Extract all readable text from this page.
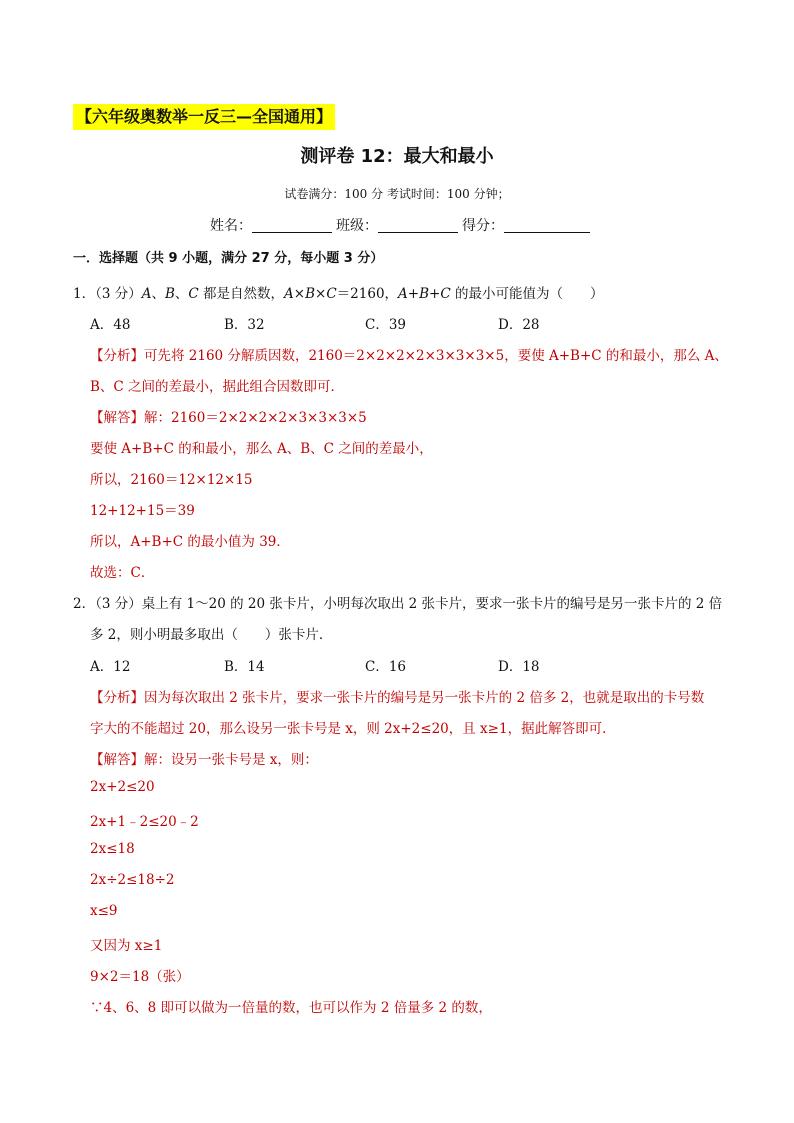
【六年级奥数举一反三—全国通用】
测评卷 12：最大和最小
试卷满分：100 分 考试时间：100 分钟；
姓名：	班级：	得分：
一．选择题（共 9 小题，满分 27 分，每小题 3 分）
1．（3 分）A、B、C 都是自然数，A×B×C＝2160，A+B+C 的最小可能值为（　　）
A．48	B．32	C．39	D．28
【分析】可先将 2160 分解质因数，2160＝2×2×2×2×3×3×3×5，要使 A+B+C 的和最小，那么 A、
B、C 之间的差最小，据此组合因数即可．
【解答】解：2160＝2×2×2×2×3×3×3×5
要使 A+B+C 的和最小，那么 A、B、C 之间的差最小，
所以，2160＝12×12×15
12+12+15＝39
所以，A+B+C 的最小值为 39．
故选：C．
2．（3 分）桌上有 1～20 的 20 张卡片，小明每次取出 2 张卡片，要求一张卡片的编号是另一张卡片的 2 倍
多 2，则小明最多取出（　　）张卡片．
A．12	B．14	C．16	D．18
【分析】因为每次取出 2 张卡片，要求一张卡片的编号是另一张卡片的 2 倍多 2，也就是取出的卡号数
字大的不能超过 20，那么设另一张卡号是 x，则 2x+2≤20，且 x≥1，据此解答即可．
【解答】解：设另一张卡号是 x，则：
2x+2≤20
2x+1﹣2≤20﹣2
2x≤18
2x÷2≤18÷2
x≤9
又因为 x≥1
9×2＝18（张）
∵4、6、8 即可以做为一倍量的数，也可以作为 2 倍量多 2 的数，
